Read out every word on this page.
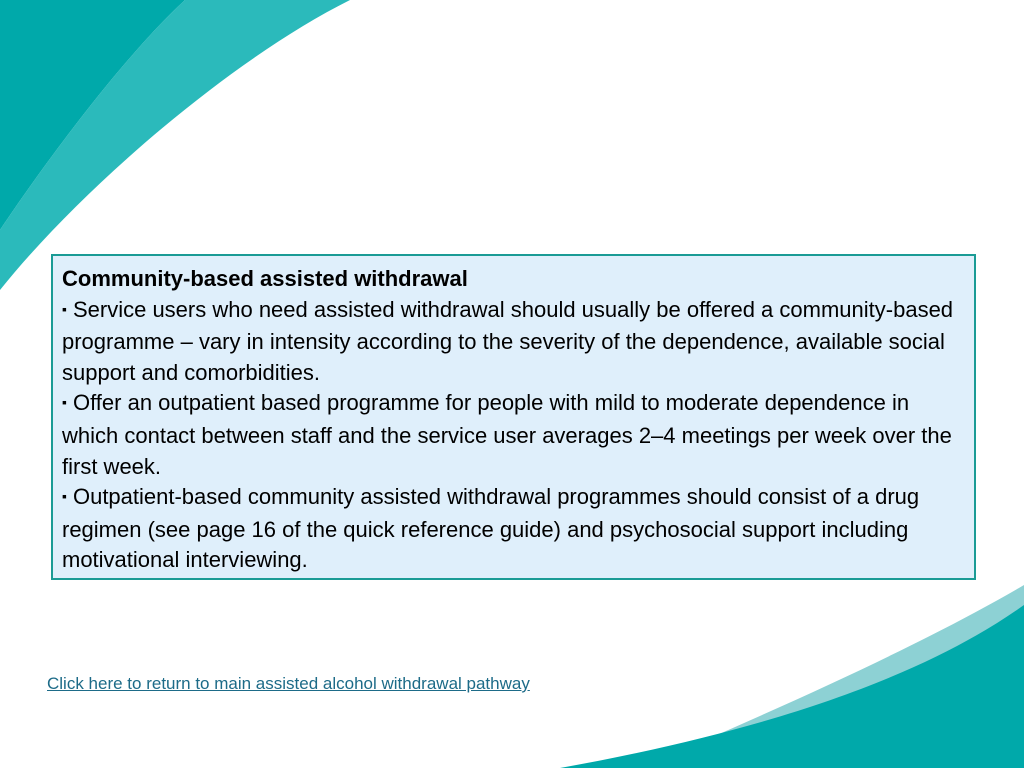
Community-based assisted withdrawal

▪ Service users who need assisted withdrawal should usually be offered a community-based programme – vary in intensity according to the severity of the dependence, available social support and comorbidities.

▪ Offer an outpatient based programme for people with mild to moderate dependence in which contact between staff and the service user averages 2–4 meetings per week over the first week.

▪ Outpatient-based community assisted withdrawal programmes should consist of a drug regimen (see page 16 of the quick reference guide) and psychosocial support including motivational interviewing.

Click here to return to main assisted alcohol withdrawal pathway
